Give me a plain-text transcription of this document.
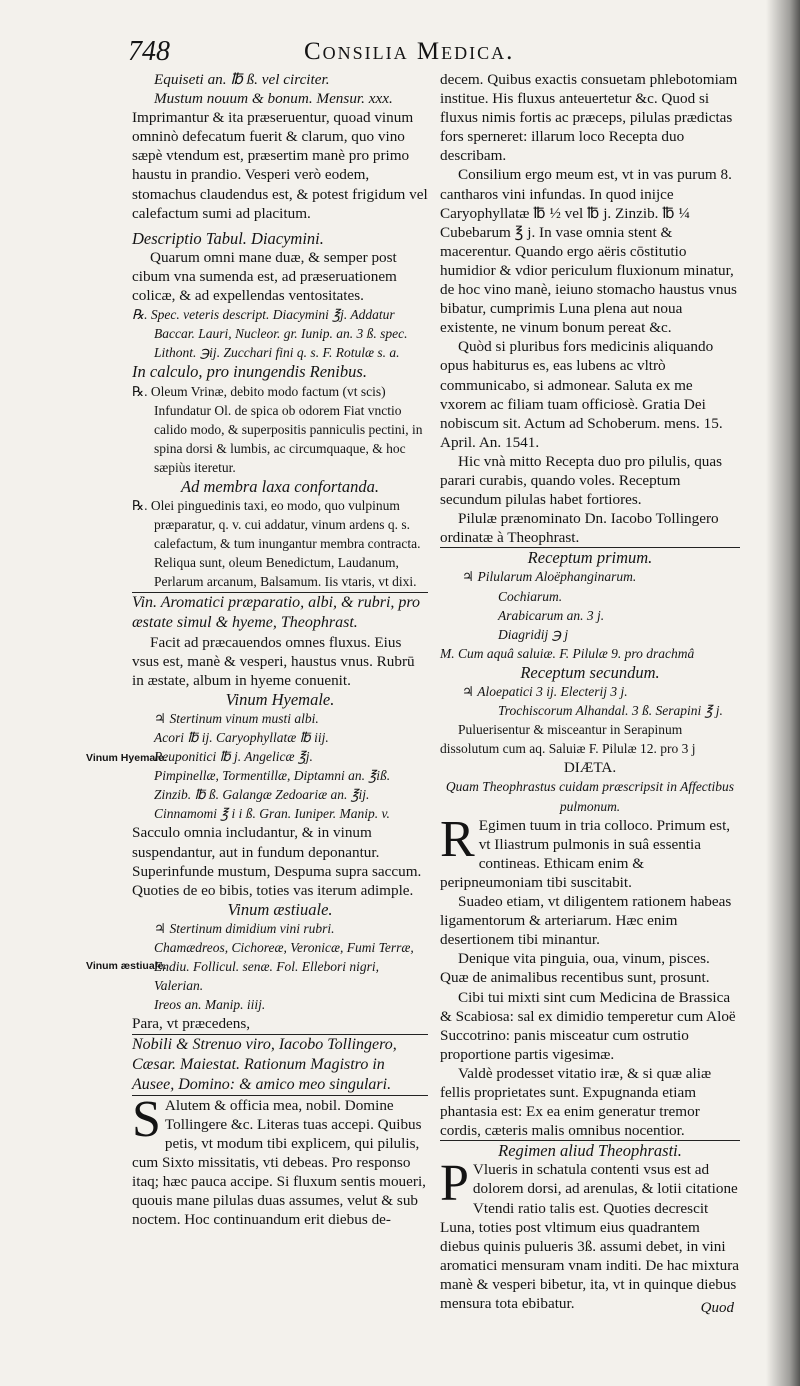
748	Consilia Medica.
Vinum Hyemale.
Vinum æstiuale.
Equiseti an. ℔ ß. vel circiter.
Mustum nouum & bonum. Mensur. xxx.

Imprimantur & ita præseruentur, quoad vinum omninò defecatum fuerit & clarum, quo vino sæpè vtendum est, præsertim manè pro primo haustu in prandio. Vesperi verò eodem, stomachus claudendus est, & potest frigidum vel calefactum sumi ad placitum.

Descriptio Tabul. Diacymini.

Quarum omni mane duæ, & semper post cibum vna sumenda est, ad præseruationem colicæ, & ad expellendas ventositates.

℞. Spec. veteris descript. Diacymini ℥j. Addatur Baccar. Lauri, Nucleor. gr. Iunip. an. 3 ß. spec. Lithont. ℈ij. Zucchari fini q. s. F. Rotulæ s. a.

In calculo, pro inungendis Renibus.

℞. Oleum Vrinæ, debito modo factum (vt scis) Infundatur Ol. de spica ob odorem Fiat vnctio calido modo, & superpositis panniculis pectini, in spina dorsi & lumbis, ac circumquaque, & hoc sæpiùs iteretur.

Ad membra laxa confortanda.

℞. Olei pinguedinis taxi, eo modo, quo vulpinum præparatur, q. v. cui addatur, vinum ardens q. s. calefactum, & tum inungantur membra contracta. Reliqua sunt, oleum Benedictum, Laudanum, Perlarum arcanum, Balsamum. Iis vtaris, vt dixi.

Vin. Aromatici præparatio, albi, & rubri, pro æstate simul & hyeme, Theophrast.

Facit ad præcauendos omnes fluxus. Eius vsus est, manè & vesperi, haustus vnus. Rubrū in æstate, album in hyeme conuenit.

Vinum Hyemale.
♃ Stertinum vinum musti albi.
Acori ℔ ij. Caryophyllatæ ℔ iij.
Reuponitici ℔ j. Angelicæ ℥j.
Pimpinellæ, Tormentillæ, Diptamni an. ℥iß.
Zinzib. ℔ ß. Galangæ Zedoariæ an. ℥ij.
Cinnamomi ℥ i i ß. Gran. Iuniper. Manip. v.

Sacculo omnia includantur, & in vinum suspendantur, aut in fundum deponantur. Superinfunde mustum, Despuma supra saccum. Quoties de eo bibis, toties vas iterum adimple.

Vinum æstiuale.
♃ Stertinum dimidium vini rubri.
Chamædreos, Cichoreæ, Veronicæ, Fumi Terræ, Endiu. Follicul. senæ. Fol. Ellebori nigri, Valerian.
Ireos an. Manip. iiij.

Para, vt præcedens,

Nobili & Strenuo viro, Iacobo Tollingero, Cæsar. Maiestat. Rationum Magistro in Ausee, Domino: & amico meo singulari.

S Alutem & officia mea, nobil. Domine Tollingere &c. Literas tuas accepi. Quibus petis, vt modum tibi explicem, qui pilulis, cum Sixto missitatis, vti debeas. Pro responso itaq; hæc pauca accipe. Si fluxum sentis moueri, quouis mane pilulas duas assumes, velut & sub noctem. Hoc continuandum erit diebus de-

decem. Quibus exactis consuetam phlebotomiam institue. His fluxus anteuertetur &c. Quod si fluxus nimis fortis ac præceps, pilulas prædictas fors sperneret: illarum loco Recepta duo describam.

Consilium ergo meum est, vt in vas purum 8. cantharos vini infundas. In quod inijce Caryophyllatæ ℔ ½ vel ℔ j. Zinzib. ℔ ¼ Cubebarum ℥ j. In vase omnia stent & macerentur. Quando ergo aëris cōstitutio humidior & vdior periculum fluxionum minatur, de hoc vino manè, ieiuno stomacho haustus vnus bibatur, cumprimis Luna plena aut noua existente, ne vinum bonum pereat &c.

Quòd si pluribus fors medicinis aliquando opus habiturus es, eas lubens ac vltrò communicabo, si admonear. Saluta ex me vxorem ac filiam tuam officiosè. Gratia Dei nobiscum sit. Actum ad Schoberum. mens. 15. April. An. 1541.

Hic vnà mitto Recepta duo pro pilulis, quas parari curabis, quando voles. Receptum secundum pilulas habet fortiores.

Pilulæ prænominato Dn. Iacobo Tollingero ordinatæ à Theophrast.

Receptum primum.
♃ Pilularum Aloëphanginarum.
Cochiarum.
Arabicarum an. 3 j.
Diagridij ℈ j
M. Cum aquâ saluiæ. F. Pilulæ 9. pro drachmâ
Receptum secundum.
♃ Aloepatici 3 ij. Electerij 3 j.
Trochiscorum Alhandal. 3 ß. Serapini ℥ j.

Puluerisentur & misceantur in Serapinum dissolutum cum aq. Saluiæ F. Pilulæ 12. pro 3 j

DIÆTA.
Quam Theophrastus cuidam præscripsit in Affectibus pulmonum.

R Egimen tuum in tria colloco. Primum est, vt Iliastrum pulmonis in suâ essentia contineas. Ethicam enim & peripneumoniam tibi suscitabit.

Suadeo etiam, vt diligentem rationem habeas ligamentorum & arteriarum. Hæc enim desertionem tibi minantur.

Denique vita pinguia, oua, vinum, pisces. Quæ de animalibus recentibus sunt, prosunt.

Cibi tui mixti sint cum Medicina de Brassica & Scabiosa: sal ex dimidio temperetur cum Aloë Succotrino: panis misceatur cum ostrutio proportione partis vigesimæ.

Valdè prodesset vitatio iræ, & si quæ aliæ fellis proprietates sunt. Expugnanda etiam phantasia est: Ex ea enim generatur tremor cordis, cæteris malis omnibus nocentior.

Regimen aliud Theophrasti.

P Vlueris in schatula contenti vsus est ad dolorem dorsi, ad arenulas, & lotii citatione Vtendi ratio talis est. Quoties decrescit Luna, toties post vltimum eius quadrantem diebus quinis pulueris 3ß. assumi debet, in vini aromatici mensuram vnam inditi. De hac mixtura manè & vesperi bibetur, ita, vt in quinque diebus mensura tota ebibatur.	Quod
